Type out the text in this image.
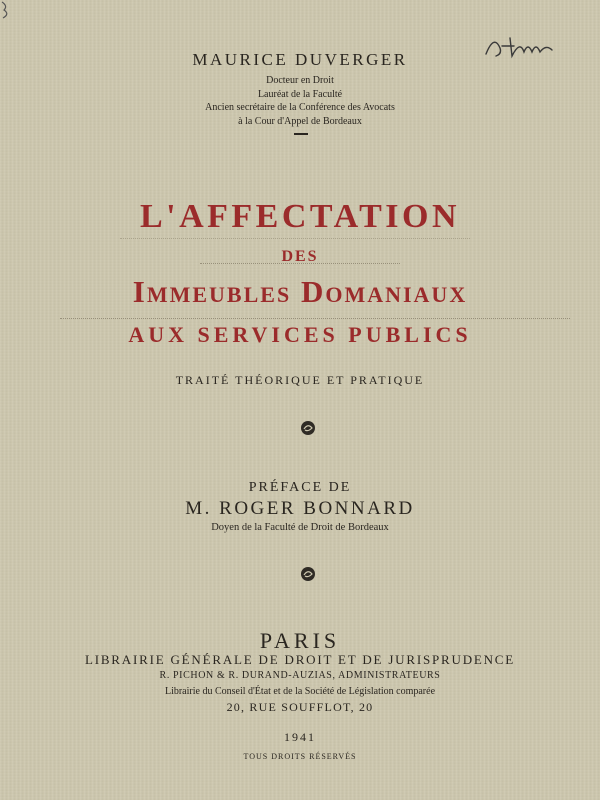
MAURICE DUVERGER
Docteur en Droit
Lauréat de la Faculté
Ancien secrétaire de la Conférence des Avocats
à la Cour d'Appel de Bordeaux
L'AFFECTATION
DES
Immeubles Domaniaux
AUX SERVICES PUBLICS
TRAITÉ THÉORIQUE ET PRATIQUE
PRÉFACE DE
M. ROGER BONNARD
Doyen de la Faculté de Droit de Bordeaux
PARIS
LIBRAIRIE GÉNÉRALE DE DROIT ET DE JURISPRUDENCE
R. PICHON & R. DURAND-AUZIAS, ADMINISTRATEURS
Librairie du Conseil d'État et de la Société de Législation comparée
20, RUE SOUFFLOT, 20
1941
TOUS DROITS RÉSERVÉS
